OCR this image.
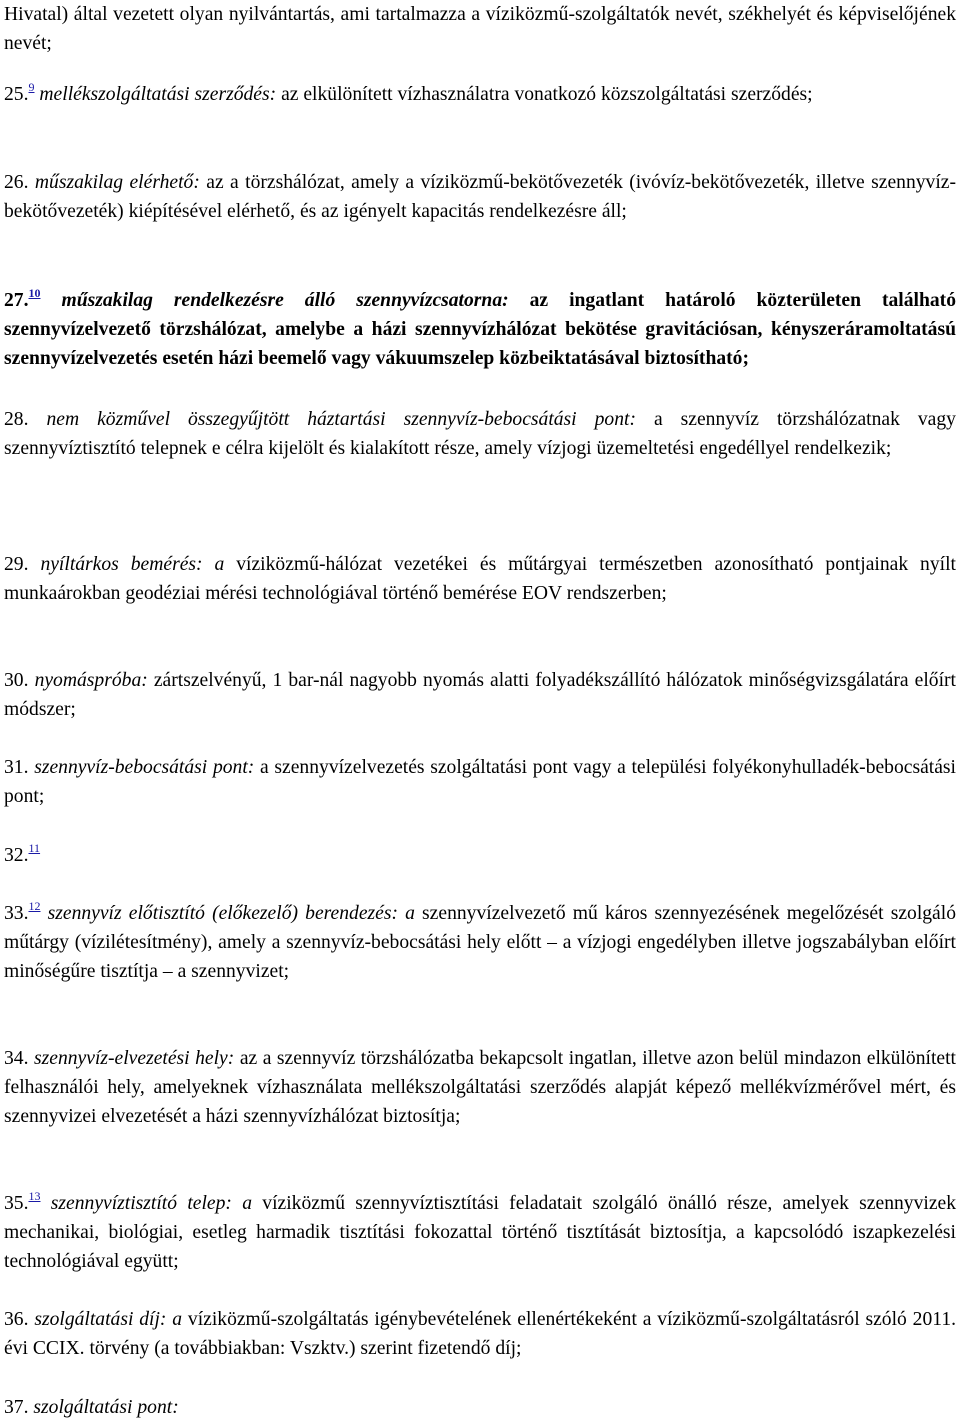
Hivatal) által vezetett olyan nyilvántartás, ami tartalmazza a víziközmű-szolgáltatók nevét, székhelyét és képviselőjének nevét;

25.$^9$ mellékszolgáltatási szerződés: az elkülönített vízhasználatra vonatkozó közszolgáltatási szerződés;

26. műszakilag elérhető: az a törzshálózat, amely a víziközmű-bekötővezeték (ivóvíz-bekötővezeték, illetve szennyvíz-bekötővezeték) kiépítésével elérhető, és az igényelt kapacitás rendelkezésre áll;

27.10 műszakilag rendelkezésre álló szennyvízcsatorna: az ingatlant határoló közterületen található szennyvízelvezető törzshálózat, amelybe a házi szennyvízhálózat bekötése gravitációsan, kényszeráramoltatású szennyvízelvezetés esetén házi beemelő vagy vákuumszelep közbeiktatásával biztosítható;

28. nem közművel összegyűjtött háztartási szennyvíz-bebocsátási pont: a szennyvíz törzshálózatnak vagy szennyvíztisztító telepnek e célra kijelölt és kialakított része, amely vízjogi üzemeltetési engedéllyel rendelkezik;

29. nyíltárkos bemérés: a víziközmű-hálózat vezetékei és műtárgyai természetben azonosítható pontjainak nyílt munkaárokban geodéziai mérési technológiával történő bemérése EOV rendszerben;

30. nyomáspróba: zártszelvényű, 1 bar-nál nagyobb nyomás alatti folyadékszállító hálózatok minőségvizsgálatára előírt módszer;

31. szennyvíz-bebocsátási pont: a szennyvízelvezetés szolgáltatási pont vagy a települési folyékonyhulladék-bebocsátási pont;

32.11

33.12 szennyvíz előtisztító (előkezelő) berendezés: a szennyvízelvezető mű káros szennyezésének megelőzését szolgáló műtárgy (vízilétesítmény), amely a szennyvíz-bebocsátási hely előtt – a vízjogi engedélyben illetve jogszabályban előírt minőségűre tisztítja – a szennyvizet;

34. szennyvíz-elvezetési hely: az a szennyvíz törzshálózatba bekapcsolt ingatlan, illetve azon belül mindazon elkülönített felhasználói hely, amelyeknek vízhasználata mellékszolgáltatási szerződés alapját képező mellékvízmérővel mért, és szennyvizei elvezetését a házi szennyvízhálózat biztosítja;

35.13 szennyvíztisztító telep: a víziközmű szennyvíztisztítási feladatait szolgáló önálló része, amelyek szennyvizek mechanikai, biológiai, esetleg harmadik tisztítási fokozattal történő tisztítását biztosítja, a kapcsolódó iszapkezelési technológiával együtt;

36. szolgáltatási díj: a víziközmű-szolgáltatás igénybevételének ellenértékeként a víziközmű-szolgáltatásról szóló 2011. évi CCIX. törvény (a továbbiakban: Vszktv.) szerint fizetendő díj;

37. szolgáltatási pont:
